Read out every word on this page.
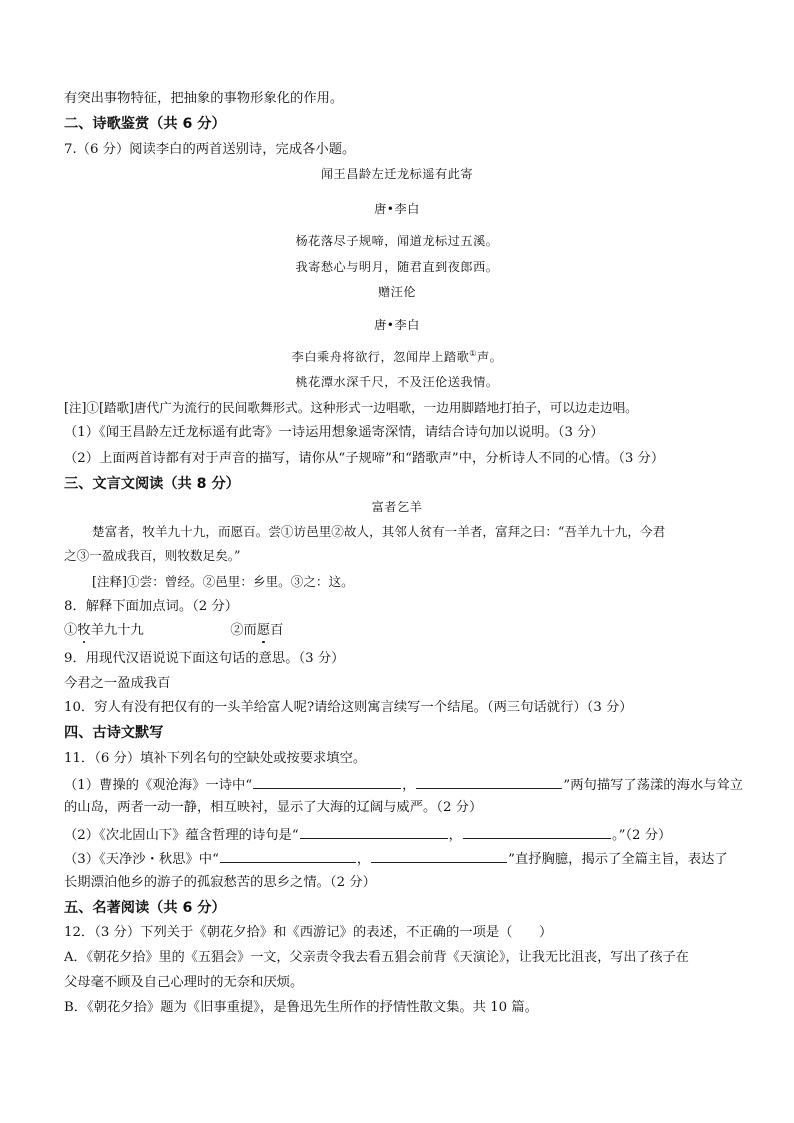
有突出事物特征，把抽象的事物形象化的作用。
二、诗歌鉴赏（共 6 分）
7.（6 分）阅读李白的两首送别诗，完成各小题。
闻王昌龄左迁龙标遥有此寄
唐•李白
杨花落尽子规啼，闻道龙标过五溪。
我寄愁心与明月，随君直到夜郎西。
赠汪伦
唐•李白
李白乘舟将欲行，忽闻岸上踏歌①声。
桃花潭水深千尺，不及汪伦送我情。
[注]①[踏歌]唐代广为流行的民间歌舞形式。这种形式一边唱歌，一边用脚踏地打拍子，可以边走边唱。
（1）《闻王昌龄左迁龙标遥有此寄》一诗运用想象遥寄深情，请结合诗句加以说明。（3 分）
（2）上面两首诗都有对于声音的描写，请你从“子规啼”和“踏歌声”中，分析诗人不同的心情。（3 分）
三、文言文阅读（共 8 分）
富者乞羊
楚富者，牧羊九十九，而愿百。尝①访邑里②故人，其邻人贫有一羊者，富拜之曰：“吾羊九十九，今君
之③一盈成我百，则牧数足矣。”
[注释]①尝：曾经。②邑里：乡里。③之：这。
8．解释下面加点词。（2 分）
①牧羊九十九	②而愿百
9．用现代汉语说说下面这句话的意思。（3 分）
今君之一盈成我百
10．穷人有没有把仅有的一头羊给富人呢?请给这则寓言续写一个结尾。（两三句话就行）（3 分）
四、古诗文默写
11．（6 分）填补下列名句的空缺处或按要求填空。
（1）曹操的《观沧海》一诗中“	，	”两句描写了荡漾的海水与耸立
的山岛，两者一动一静，相互映衬，显示了大海的辽阔与威严。（2 分）
（2）《次北固山下》蕴含哲理的诗句是“	，	。”（2 分）
（3）《天净沙・秋思》中“	，	”直抒胸臆，揭示了全篇主旨，表达了
长期漂泊他乡的游子的孤寂愁苦的思乡之情。（2 分）
五、名著阅读（共 6 分）
12．（3 分）下列关于《朝花夕拾》和《西游记》的表述，不正确的一项是（　　）
A．《朝花夕拾》里的《五猖会》一文，父亲责令我去看五猖会前背《天演论》，让我无比沮丧，写出了孩子在
父母毫不顾及自己心理时的无奈和厌烦。
B．《朝花夕拾》题为《旧事重提》，是鲁迅先生所作的抒情性散文集。共 10 篇。
